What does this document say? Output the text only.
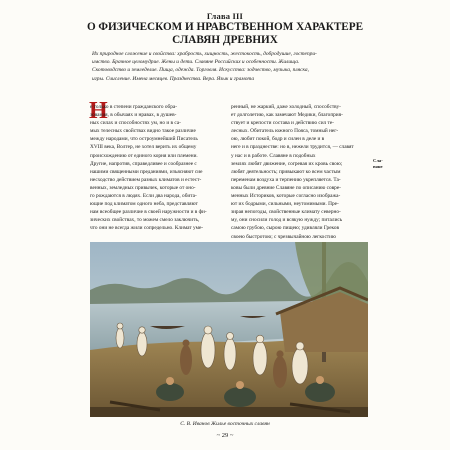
Глава III
О ФИЗИЧЕСКОМ И НРАВСТВЕННОМ ХАРАКТЕРЕ
СЛАВЯН ДРЕВНИХ
Их природное сложение и свойства: храбрость, хищность, жестокость, добродушие, гостепри-
имство. Брачное целомудрие. Жены и дети. Славяне Российских и особенности. Жилища.
Скотоводство и земледелие. Пища, одежда. Торговля. Искусства: зодчество, музыка, пляска,
игры. Счисление. Имена месяцев. Празднества. Вера. Язык и грамота
Н
е только в степени гражданского обра-
зования, в обычаях и нравах, в душев-
ных силах и способностях ум, но и в са-
мых телесных свойствах видно такое различие
между народами, что остроумнейший Писатель
XVIII века, Волтер, не хотел верить их общему
происхождению от единого корня или племени.
Другие, напротив, справедливее и сообразнее с
нашими священными преданиями, изъясняют сие
несходство действием разных климатов и естест-
венных, земледных привычек, которые от оно-
го рождаются в людях. Если два народа, обита-
ющие под климатом одного неба, представляют
нам всеобщее различие в своей наружности и в фи-
зических свойствах, то можем смело заключить,
что они не всегда жили сопредельно. Климат уме-
ренный, не жаркий, даже холодный, способству-
ет долголетию, как замечают Медики, благоприя-
ствует и крепости состава и действию сил те-
лесных. Обитатель южного Пояса, томный нег-
ою, любит покой, бодр и силен в деле и в
неге и в празднестве: но в, нежели трудится, — славят
у нас и в работе. Славяне в подобных
землях любят движение, согревая их кровь свою;
любят деятельность; привыкают ко всем частым
переменам воздуха и терпению укрепляется. Та-
ковы были древние Славяне по описанию совре-
менных Историков, которые согласно изобража-
ют их бодрыми, сильными, неутомимыми. Пре-
зирая непогоды, свойственные климату северно-
му, они сносили голод и всякую нужду; питались
самою грубою, сырою пищею; удивляли Греков
своею быстротою; с чрезвычайною легкостию
Сла-
вяне
С. В. Иванов Жилье восточных славян
~ 29 ~
